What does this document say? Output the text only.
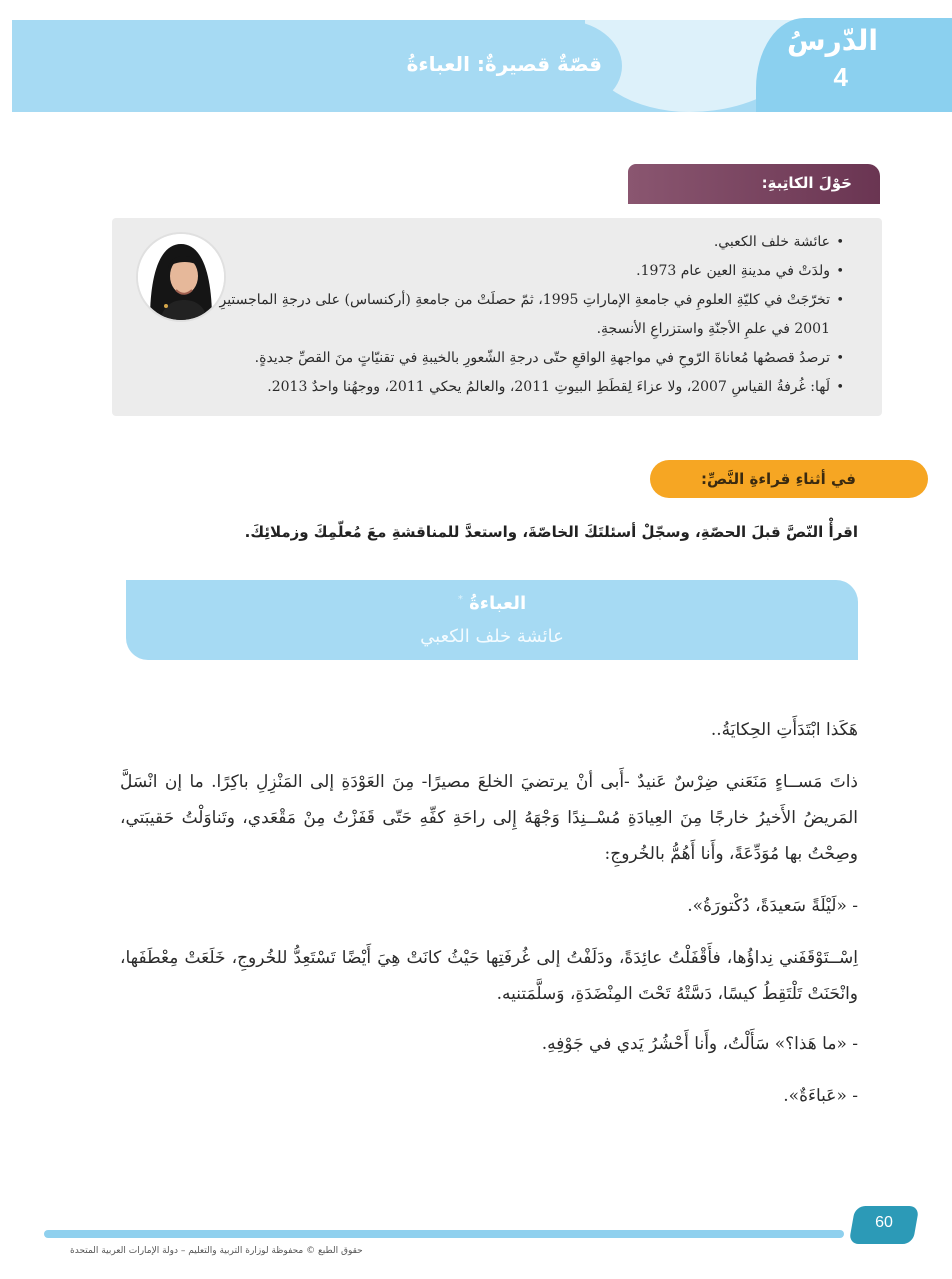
قصّةٌ قصيرةٌ: العباءةُ
الدّرسُ
4
حَوْلَ الكاتِبةِ:
• عائشة خلف الكعبي.
• ولدَتْ في مدينةِ العين عام 1973.
• تخرّجَتْ في كليّةِ العلومِ في جامعةِ الإماراتِ 1995، ثمّ حصلَتْ من جامعةِ (أركنساس) على درجةِ الماجستيرِ 2001 في علمِ الأجنّةِ واستزراعِ الأنسجةِ.
• ترصدُ قصصُها مُعاناةَ الرّوحِ في مواجهةِ الواقعِ حتّى درجةِ الشّعورِ بالخيبةِ في تقنيّاتٍ منَ القصِّ جديدةٍ.
• لَها: غُرفةُ القياسِ 2007، ولا عزاءَ لِقطَطِ البيوتِ 2011، والعالمُ يحكي 2011، ووجهُنا واحدٌ 2013.
في أثناءِ قراءةِ النَّصِّ:
اقرأْ النّصَّ قبلَ الحصّةِ، وسجّلْ أسئلتَكَ الخاصّةَ، واستعدَّ للمناقشةِ معَ مُعلّمِكَ وزملائِكَ.
العباءةُ *
عائشة خلف الكعبي

هَكَذا ابْتَدَأَتِ الحِكايَةُ..

ذاتَ مَســاءٍ مَنَعَني ضِرْسٌ عَنيدٌ -أَبى أنْ يرتضيَ الخلعَ مصيرًا- مِنَ العَوْدَةِ إلى المَنْزِلِ باكِرًا. ما إن انْسَلَّ المَريضُ الأَخيرُ خارجًا مِنَ العِيادَةِ مُسْــنِدًا وَجْهَهُ إِلى راحَةِ كفِّهِ حَتّى قَفَزْتُ مِنْ مَقْعَدي، وتَناوَلْتُ حَقيبَتي، وصِحْتُ بها مُوَدِّعَةً، وأَنا أَهُمُّ بالخُروجِ:

- «لَيْلَةً سَعيدَةً، دُكْتورَةُ».

اِسْــتَوْقَفَني نِداؤُها، فأَقْفَلْتُ عائِدَةً، ودَلَفْتُ إلى غُرفَتِها حَيْثُ كانَتْ هِيَ أَيْضًا تَسْتَعِدُّ للخُروجِ، خَلَعَتْ مِعْطَفَها، وانْحَنَتْ تَلْتَقِطُ كيسًا، دَسَّتْهُ تَحْتَ المِنْضَدَةِ، وَسلَّمَتنيه.

- «ما هَذا؟» سَأَلْتُ، وأَنا أَحْشُرُ يَدي في جَوْفِهِ.

- «عَباءَةٌ».

60
حقوق الطبع © محفوظة لوزارة التربية والتعليم – دولة الإمارات العربية المتحدة
